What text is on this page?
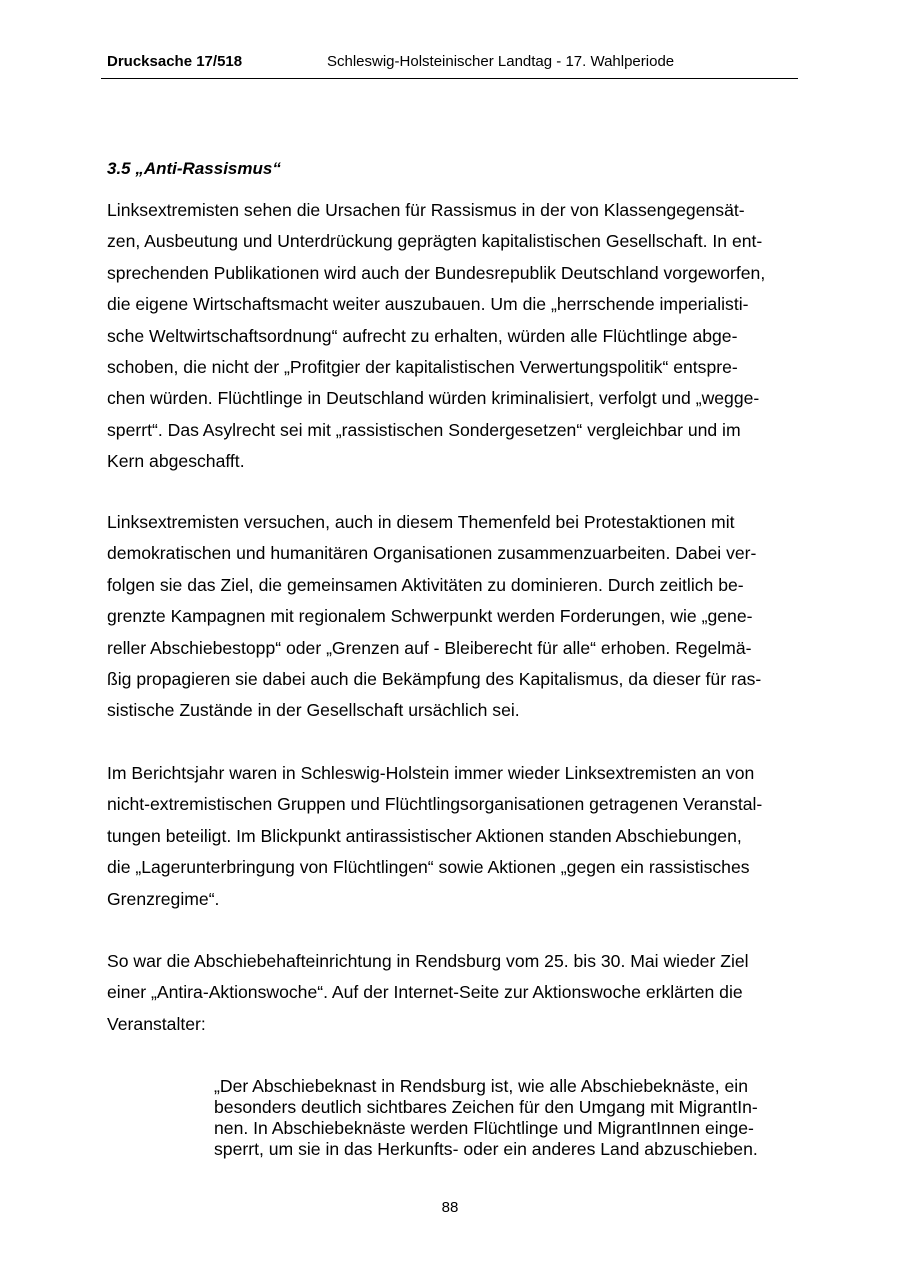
Drucksache 17/518	Schleswig-Holsteinischer Landtag - 17. Wahlperiode
3.5 „Anti-Rassismus“
Linksextremisten sehen die Ursachen für Rassismus in der von Klassengegensät-
zen, Ausbeutung und Unterdrückung geprägten kapitalistischen Gesellschaft. In ent-
sprechenden Publikationen wird auch der Bundesrepublik Deutschland vorgeworfen,
die eigene Wirtschaftsmacht weiter auszubauen. Um die „herrschende imperialisti-
sche Weltwirtschaftsordnung“ aufrecht zu erhalten, würden alle Flüchtlinge abge-
schoben, die nicht der „Profitgier der kapitalistischen Verwertungspolitik“ entspre-
chen würden. Flüchtlinge in Deutschland würden kriminalisiert, verfolgt und „wegge-
sperrt“. Das Asylrecht sei mit „rassistischen Sondergesetzen“ vergleichbar und im
Kern abgeschafft.
Linksextremisten versuchen, auch in diesem Themenfeld bei Protestaktionen mit
demokratischen und humanitären Organisationen zusammenzuarbeiten. Dabei ver-
folgen sie das Ziel, die gemeinsamen Aktivitäten zu dominieren. Durch zeitlich be-
grenzte Kampagnen mit regionalem Schwerpunkt werden Forderungen, wie „gene-
reller Abschiebestopp“ oder „Grenzen auf - Bleiberecht für alle“ erhoben. Regelmä-
ßig propagieren sie dabei auch die Bekämpfung des Kapitalismus, da dieser für ras-
sistische Zustände in der Gesellschaft ursächlich sei.
Im Berichtsjahr waren in Schleswig-Holstein immer wieder Linksextremisten an von
nicht-extremistischen Gruppen und Flüchtlingsorganisationen getragenen Veranstal-
tungen beteiligt. Im Blickpunkt antirassistischer Aktionen standen Abschiebungen,
die „Lagerunterbringung von Flüchtlingen“ sowie Aktionen „gegen ein rassistisches
Grenzregime“.
So war die Abschiebehafteinrichtung in Rendsburg vom 25. bis 30. Mai wieder Ziel
einer „Antira-Aktionswoche“. Auf der Internet-Seite zur Aktionswoche erklärten die
Veranstalter:
„Der Abschiebeknast in Rendsburg ist, wie alle Abschiebeknäste, ein
besonders deutlich sichtbares Zeichen für den Umgang mit MigrantIn-
nen. In Abschiebeknäste werden Flüchtlinge und MigrantInnen einge-
sperrt, um sie in das Herkunfts- oder ein anderes Land abzuschieben.
88
